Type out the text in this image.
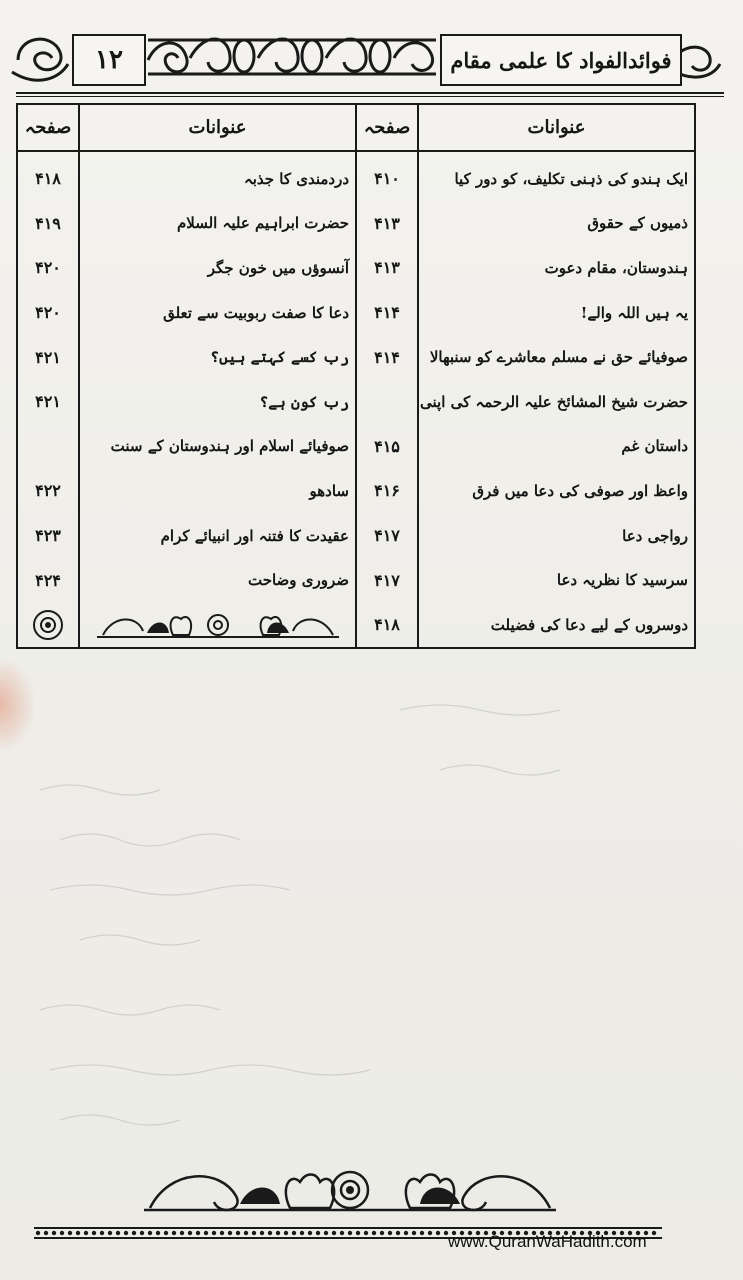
۱۲	فوائدالفواد کا علمی مقام
عنوانات
ایک ہندو کی ذہنی تکلیف، کو دور کیا
ذمیوں کے حقوق
ہندوستان، مقام دعوت
یہ ہیں اللہ والے!
صوفیائے حق نے مسلم معاشرے کو سنبھالا
حضرت شیخ المشائخ علیہ الرحمہ کی اپنی
داستان غم
واعظ اور صوفی کی دعا میں فرق
رواجی دعا
سرسید کا نظریہ دعا
دوسروں کے لیے دعا کی فضیلت
صفحہ
۴۱۰
۴۱۳
۴۱۳
۴۱۴
۴۱۴
۴۱۵
۴۱۶
۴۱۷
۴۱۷
۴۱۸
عنوانات
دردمندی کا جذبہ
حضرت ابراہیم علیہ السلام
آنسوؤں میں خون جگر
دعا کا صفت ربوبیت سے تعلق
رب کسے کہتے ہیں؟
رب کون ہے؟
صوفیائے اسلام اور ہندوستان کے سنت
سادھو
عقیدت کا فتنہ اور انبیائے کرام
ضروری وضاحت
صفحہ
۴۱۸
۴۱۹
۴۲۰
۴۲۰
۴۲۱
۴۲۱
۴۲۲
۴۲۳
۴۲۴
www.QuranWaHadith.com
